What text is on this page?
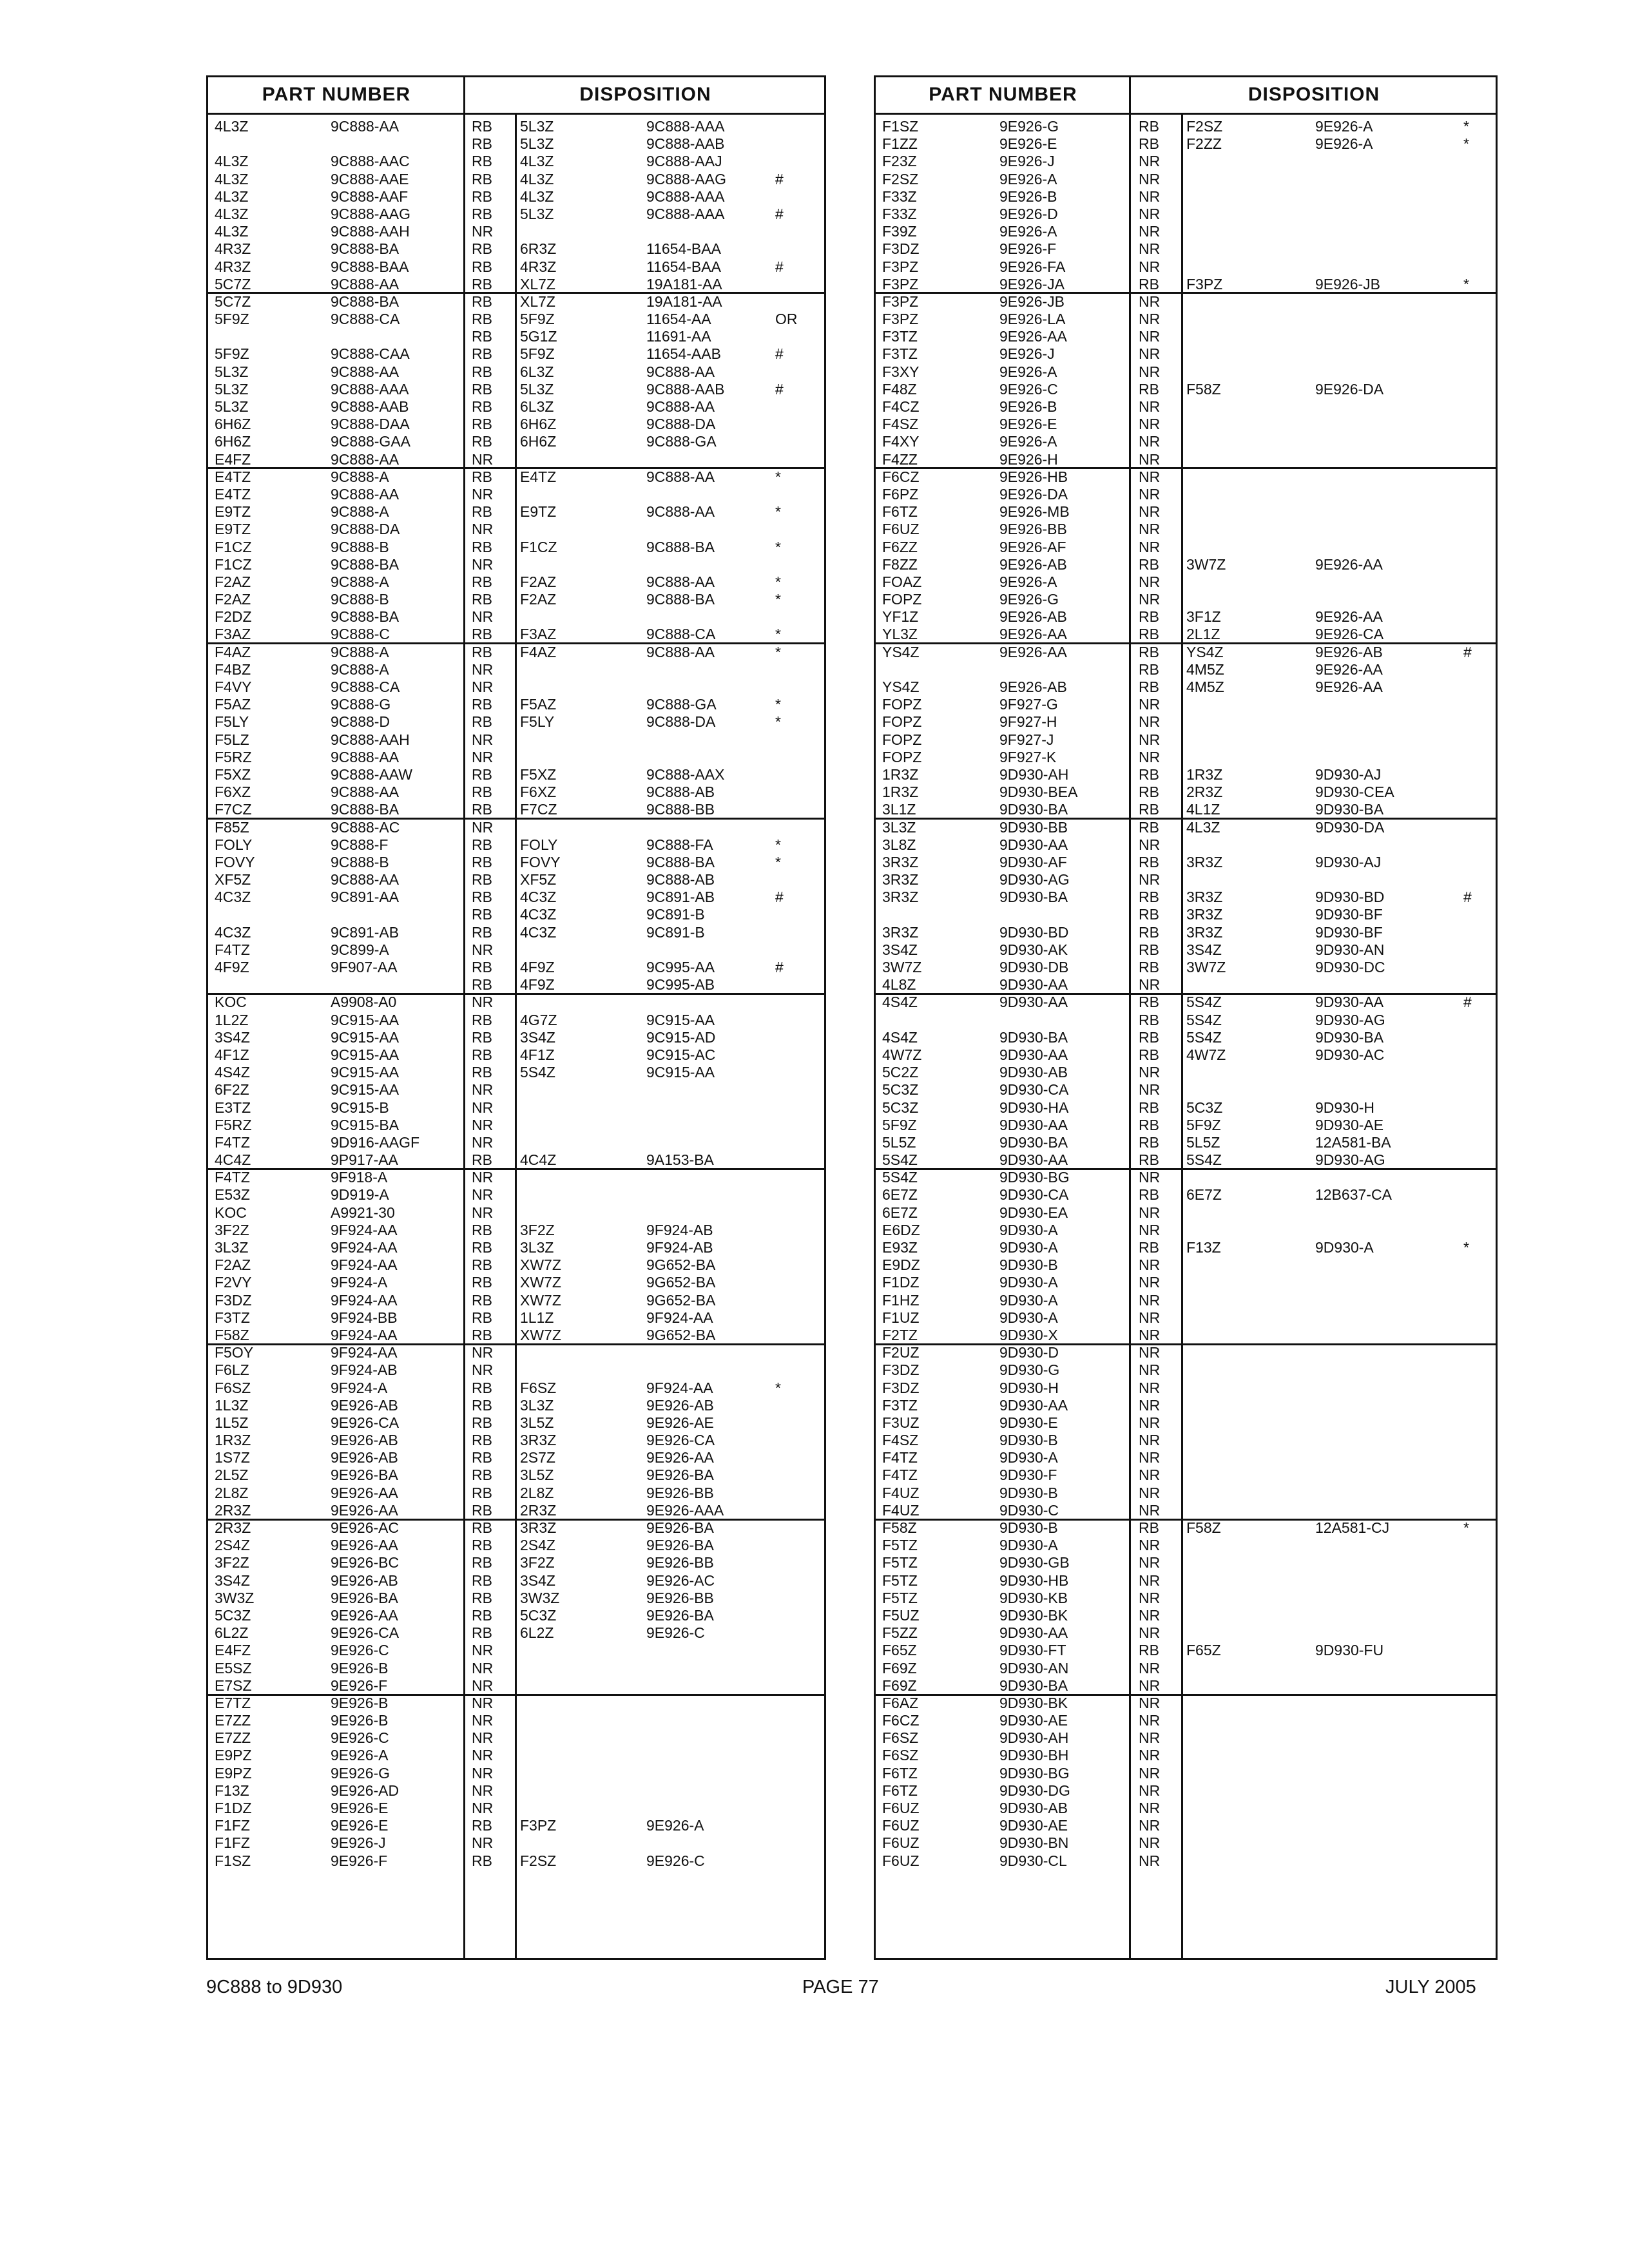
PART NUMBER	DISPOSITION
4L3Z	9C888-AA	RB 5L3Z	9C888-AAA
RB 5L3Z	9C888-AAB
4L3Z	9C888-AAC	RB 4L3Z	9C888-AAJ
4L3Z	9C888-AAE	RB 4L3Z	9C888-AAG	#
4L3Z	9C888-AAF	RB 4L3Z	9C888-AAA
4L3Z	9C888-AAG	RB 5L3Z	9C888-AAA	#
4L3Z	9C888-AAH	NR
4R3Z	9C888-BA	RB 6R3Z	11654-BAA
4R3Z	9C888-BAA	RB 4R3Z	11654-BAA	#
5C7Z	9C888-AA	RB XL7Z	19A181-AA
5C7Z	9C888-BA	RB XL7Z	19A181-AA
5F9Z	9C888-CA	RB 5F9Z	11654-AA	OR
RB 5G1Z	11691-AA
5F9Z	9C888-CAA	RB 5F9Z	11654-AAB	#
5L3Z	9C888-AA	RB 6L3Z	9C888-AA
5L3Z	9C888-AAA	RB 5L3Z	9C888-AAB	#
5L3Z	9C888-AAB	RB 6L3Z	9C888-AA
6H6Z	9C888-DAA	RB 6H6Z	9C888-DA
6H6Z	9C888-GAA	RB 6H6Z	9C888-GA
E4FZ	9C888-AA	NR
E4TZ	9C888-A	RB E4TZ	9C888-AA	*
E4TZ	9C888-AA	NR
E9TZ	9C888-A	RB E9TZ	9C888-AA	*
E9TZ	9C888-DA	NR
F1CZ	9C888-B	RB F1CZ	9C888-BA	*
F1CZ	9C888-BA	NR
F2AZ	9C888-A	RB F2AZ	9C888-AA	*
F2AZ	9C888-B	RB F2AZ	9C888-BA	*
F2DZ	9C888-BA	NR
F3AZ	9C888-C	RB F3AZ	9C888-CA	*
F4AZ	9C888-A	RB F4AZ	9C888-AA	*
F4BZ	9C888-A	NR
F4VY	9C888-CA	NR
F5AZ	9C888-G	RB F5AZ	9C888-GA	*
F5LY	9C888-D	RB F5LY	9C888-DA	*
F5LZ	9C888-AAH	NR
F5RZ	9C888-AA	NR
F5XZ	9C888-AAW	RB F5XZ	9C888-AAX
F6XZ	9C888-AA	RB F6XZ	9C888-AB
F7CZ	9C888-BA	RB F7CZ	9C888-BB
F85Z	9C888-AC	NR
FOLY	9C888-F	RB FOLY	9C888-FA	*
FOVY	9C888-B	RB FOVY	9C888-BA	*
XF5Z	9C888-AA	RB XF5Z	9C888-AB
4C3Z	9C891-AA	RB 4C3Z	9C891-AB	#
RB 4C3Z	9C891-B
4C3Z	9C891-AB	RB 4C3Z	9C891-B
F4TZ	9C899-A	NR
4F9Z	9F907-AA	RB 4F9Z	9C995-AA	#
RB 4F9Z	9C995-AB
KOC	A9908-A0	NR
1L2Z	9C915-AA	RB 4G7Z	9C915-AA
3S4Z	9C915-AA	RB 3S4Z	9C915-AD
4F1Z	9C915-AA	RB 4F1Z	9C915-AC
4S4Z	9C915-AA	RB 5S4Z	9C915-AA
6F2Z	9C915-AA	NR
E3TZ	9C915-B	NR
F5RZ	9C915-BA	NR
F4TZ	9D916-AAGF	NR
4C4Z	9P917-AA	RB 4C4Z	9A153-BA
F4TZ	9F918-A	NR
E53Z	9D919-A	NR
KOC	A9921-30	NR
3F2Z	9F924-AA	RB 3F2Z	9F924-AB
3L3Z	9F924-AA	RB 3L3Z	9F924-AB
F2AZ	9F924-AA	RB XW7Z	9G652-BA
F2VY	9F924-A	RB XW7Z	9G652-BA
F3DZ	9F924-AA	RB XW7Z	9G652-BA
F3TZ	9F924-BB	RB 1L1Z	9F924-AA
F58Z	9F924-AA	RB XW7Z	9G652-BA
F5OY	9F924-AA	NR
F6LZ	9F924-AB	NR
F6SZ	9F924-A	RB F6SZ	9F924-AA	*
1L3Z	9E926-AB	RB 3L3Z	9E926-AB
1L5Z	9E926-CA	RB 3L5Z	9E926-AE
1R3Z	9E926-AB	RB 3R3Z	9E926-CA
1S7Z	9E926-AB	RB 2S7Z	9E926-AA
2L5Z	9E926-BA	RB 3L5Z	9E926-BA
2L8Z	9E926-AA	RB 2L8Z	9E926-BB
2R3Z	9E926-AA	RB 2R3Z	9E926-AAA
2R3Z	9E926-AC	RB 3R3Z	9E926-BA
2S4Z	9E926-AA	RB 2S4Z	9E926-BA
3F2Z	9E926-BC	RB 3F2Z	9E926-BB
3S4Z	9E926-AB	RB 3S4Z	9E926-AC
3W3Z	9E926-BA	RB 3W3Z	9E926-BB
5C3Z	9E926-AA	RB 5C3Z	9E926-BA
6L2Z	9E926-CA	RB 6L2Z	9E926-C
E4FZ	9E926-C	NR
E5SZ	9E926-B	NR
E7SZ	9E926-F	NR
E7TZ	9E926-B	NR
E7ZZ	9E926-B	NR
E7ZZ	9E926-C	NR
E9PZ	9E926-A	NR
E9PZ	9E926-G	NR
F13Z	9E926-AD	NR
F1DZ	9E926-E	NR
F1FZ	9E926-E	RB F3PZ	9E926-A
F1FZ	9E926-J	NR
F1SZ	9E926-F	RB F2SZ	9E926-C
PART NUMBER	DISPOSITION
F1SZ	9E926-G	RB F2SZ	9E926-A	*
F1ZZ	9E926-E	RB F2ZZ	9E926-A	*
F23Z	9E926-J	NR
F2SZ	9E926-A	NR
F33Z	9E926-B	NR
F33Z	9E926-D	NR
F39Z	9E926-A	NR
F3DZ	9E926-F	NR
F3PZ	9E926-FA	NR
F3PZ	9E926-JA	RB F3PZ	9E926-JB	*
F3PZ	9E926-JB	NR
F3PZ	9E926-LA	NR
F3TZ	9E926-AA	NR
F3TZ	9E926-J	NR
F3XY	9E926-A	NR
F48Z	9E926-C	RB F58Z	9E926-DA
F4CZ	9E926-B	NR
F4SZ	9E926-E	NR
F4XY	9E926-A	NR
F4ZZ	9E926-H	NR
F6CZ	9E926-HB	NR
F6PZ	9E926-DA	NR
F6TZ	9E926-MB	NR
F6UZ	9E926-BB	NR
F6ZZ	9E926-AF	NR
F8ZZ	9E926-AB	RB 3W7Z	9E926-AA
FOAZ	9E926-A	NR
FOPZ	9E926-G	NR
YF1Z	9E926-AB	RB 3F1Z	9E926-AA
YL3Z	9E926-AA	RB 2L1Z	9E926-CA
YS4Z	9E926-AA	RB YS4Z	9E926-AB	#
RB 4M5Z	9E926-AA
YS4Z	9E926-AB	RB 4M5Z	9E926-AA
FOPZ	9F927-G	NR
FOPZ	9F927-H	NR
FOPZ	9F927-J	NR
FOPZ	9F927-K	NR
1R3Z	9D930-AH	RB 1R3Z	9D930-AJ
1R3Z	9D930-BEA	RB 2R3Z	9D930-CEA
3L1Z	9D930-BA	RB 4L1Z	9D930-BA
3L3Z	9D930-BB	RB 4L3Z	9D930-DA
3L8Z	9D930-AA	NR
3R3Z	9D930-AF	RB 3R3Z	9D930-AJ
3R3Z	9D930-AG	NR
3R3Z	9D930-BA	RB 3R3Z	9D930-BD	#
RB 3R3Z	9D930-BF
3R3Z	9D930-BD	RB 3R3Z	9D930-BF
3S4Z	9D930-AK	RB 3S4Z	9D930-AN
3W7Z	9D930-DB	RB 3W7Z	9D930-DC
4L8Z	9D930-AA	NR
4S4Z	9D930-AA	RB 5S4Z	9D930-AA	#
RB 5S4Z	9D930-AG
4S4Z	9D930-BA	RB 5S4Z	9D930-BA
4W7Z	9D930-AA	RB 4W7Z	9D930-AC
5C2Z	9D930-AB	NR
5C3Z	9D930-CA	NR
5C3Z	9D930-HA	RB 5C3Z	9D930-H
5F9Z	9D930-AA	RB 5F9Z	9D930-AE
5L5Z	9D930-BA	RB 5L5Z	12A581-BA
5S4Z	9D930-AA	RB 5S4Z	9D930-AG
5S4Z	9D930-BG	NR
6E7Z	9D930-CA	RB 6E7Z	12B637-CA
6E7Z	9D930-EA	NR
E6DZ	9D930-A	NR
E93Z	9D930-A	RB F13Z	9D930-A	*
E9DZ	9D930-B	NR
F1DZ	9D930-A	NR
F1HZ	9D930-A	NR
F1UZ	9D930-A	NR
F2TZ	9D930-X	NR
F2UZ	9D930-D	NR
F3DZ	9D930-G	NR
F3DZ	9D930-H	NR
F3TZ	9D930-AA	NR
F3UZ	9D930-E	NR
F4SZ	9D930-B	NR
F4TZ	9D930-A	NR
F4TZ	9D930-F	NR
F4UZ	9D930-B	NR
F4UZ	9D930-C	NR
F58Z	9D930-B	RB F58Z	12A581-CJ	*
F5TZ	9D930-A	NR
F5TZ	9D930-GB	NR
F5TZ	9D930-HB	NR
F5TZ	9D930-KB	NR
F5UZ	9D930-BK	NR
F5ZZ	9D930-AA	NR
F65Z	9D930-FT	RB F65Z	9D930-FU
F69Z	9D930-AN	NR
F69Z	9D930-BA	NR
F6AZ	9D930-BK	NR
F6CZ	9D930-AE	NR
F6SZ	9D930-AH	NR
F6SZ	9D930-BH	NR
F6TZ	9D930-BG	NR
F6TZ	9D930-DG	NR
F6UZ	9D930-AB	NR
F6UZ	9D930-AE	NR
F6UZ	9D930-BN	NR
F6UZ	9D930-CL	NR
9C888 to 9D930	PAGE 77	JULY 2005
